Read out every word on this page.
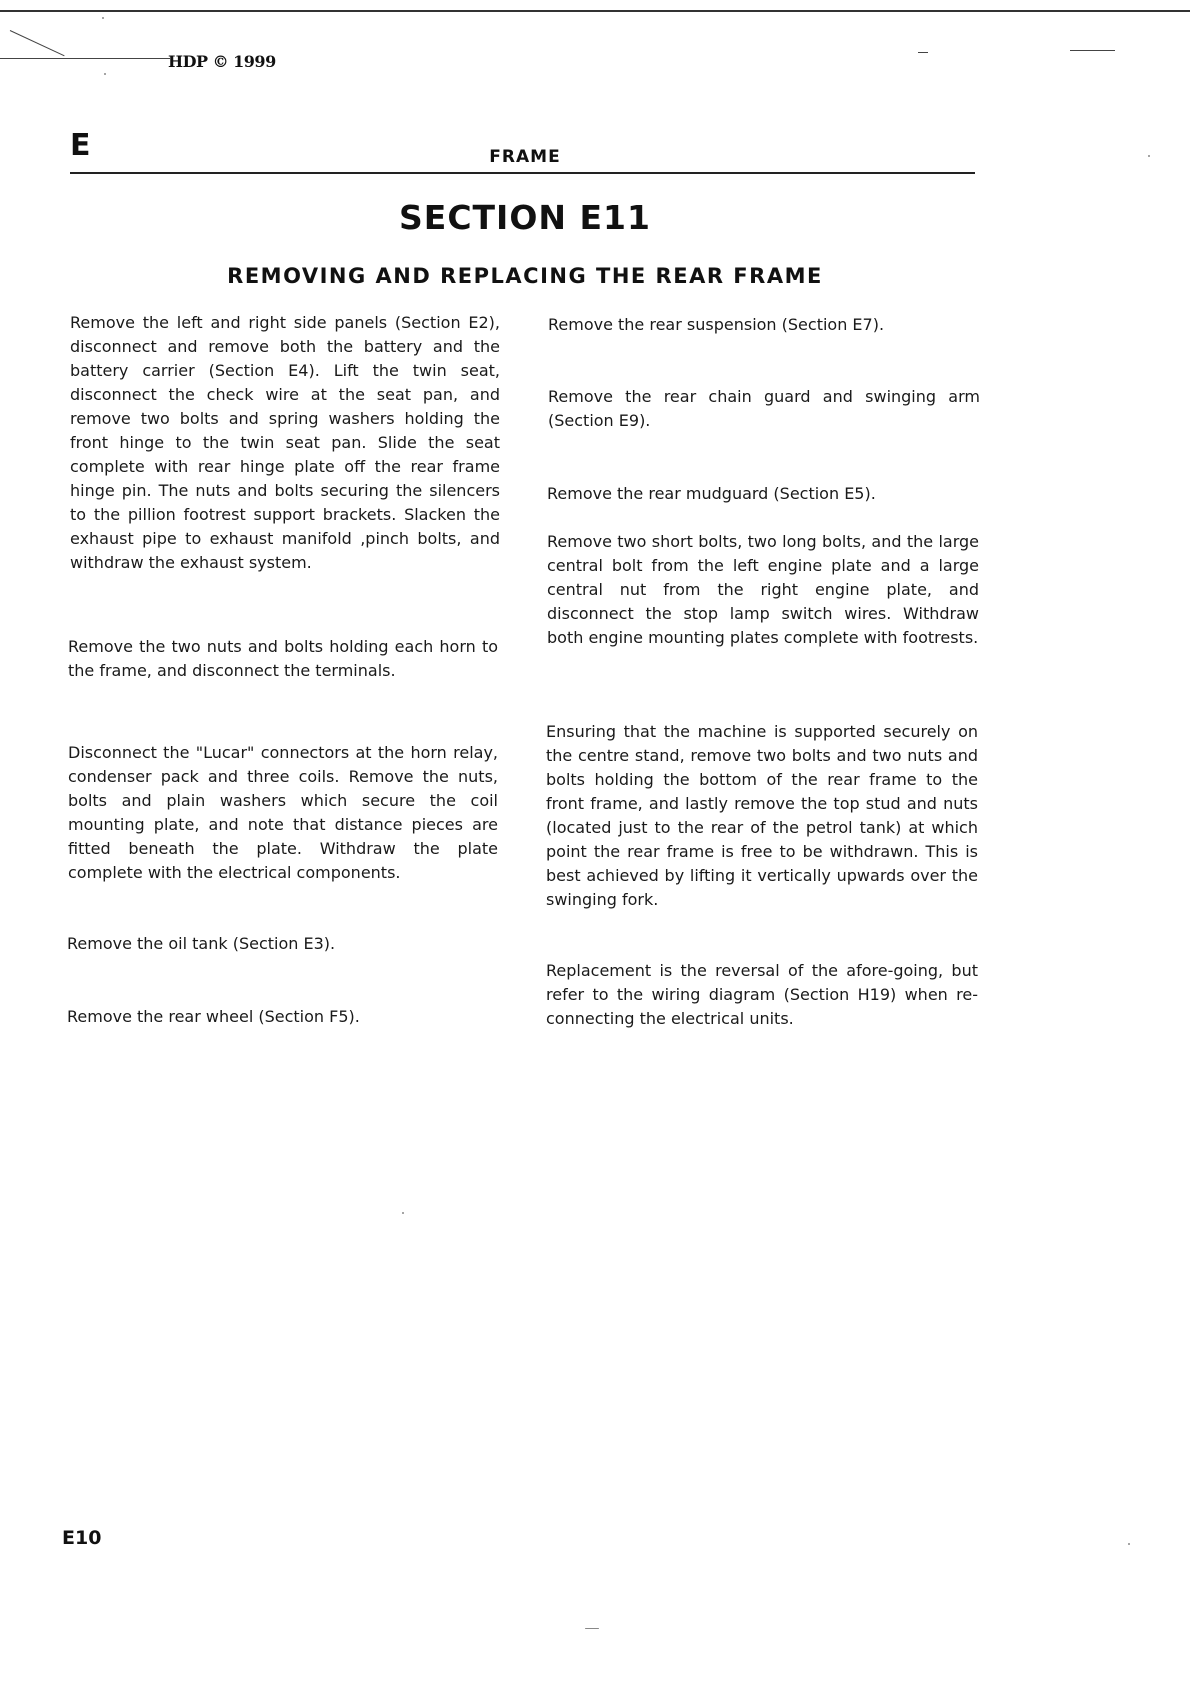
HDP © 1999
E	FRAME
SECTION E11
REMOVING AND REPLACING THE REAR FRAME

Remove the left and right side panels (Section E2), disconnect and remove both the battery and the battery carrier (Section E4). Lift the twin seat, disconnect the check wire at the seat pan, and remove two bolts and spring washers holding the front hinge to the twin seat pan. Slide the seat complete with rear hinge plate off the rear frame hinge pin. The nuts and bolts securing the silencers to the pillion footrest support brackets. Slacken the exhaust pipe to exhaust manifold ,pinch bolts, and withdraw the exhaust system.

Remove the two nuts and bolts holding each horn to the frame, and disconnect the terminals.

Disconnect the "Lucar" connectors at the horn relay, condenser pack and three coils. Remove the nuts, bolts and plain washers which secure the coil mounting plate, and note that distance pieces are fitted beneath the plate. Withdraw the plate complete with the electrical components.

Remove the oil tank (Section E3).

Remove the rear wheel (Section F5).

Remove the rear suspension (Section E7).

Remove the rear chain guard and swinging arm (Section E9).

Remove the rear mudguard (Section E5).

Remove two short bolts, two long bolts, and the large central bolt from the left engine plate and a large central nut from the right engine plate, and disconnect the stop lamp switch wires. Withdraw both engine mounting plates complete with footrests.

Ensuring that the machine is supported securely on the centre stand, remove two bolts and two nuts and bolts holding the bottom of the rear frame to the front frame, and lastly remove the top stud and nuts (located just to the rear of the petrol tank) at which point the rear frame is free to be withdrawn. This is best achieved by lifting it vertically upwards over the swinging fork.

Replacement is the reversal of the afore-going, but refer to the wiring diagram (Section H19) when re-connecting the electrical units.

E10
